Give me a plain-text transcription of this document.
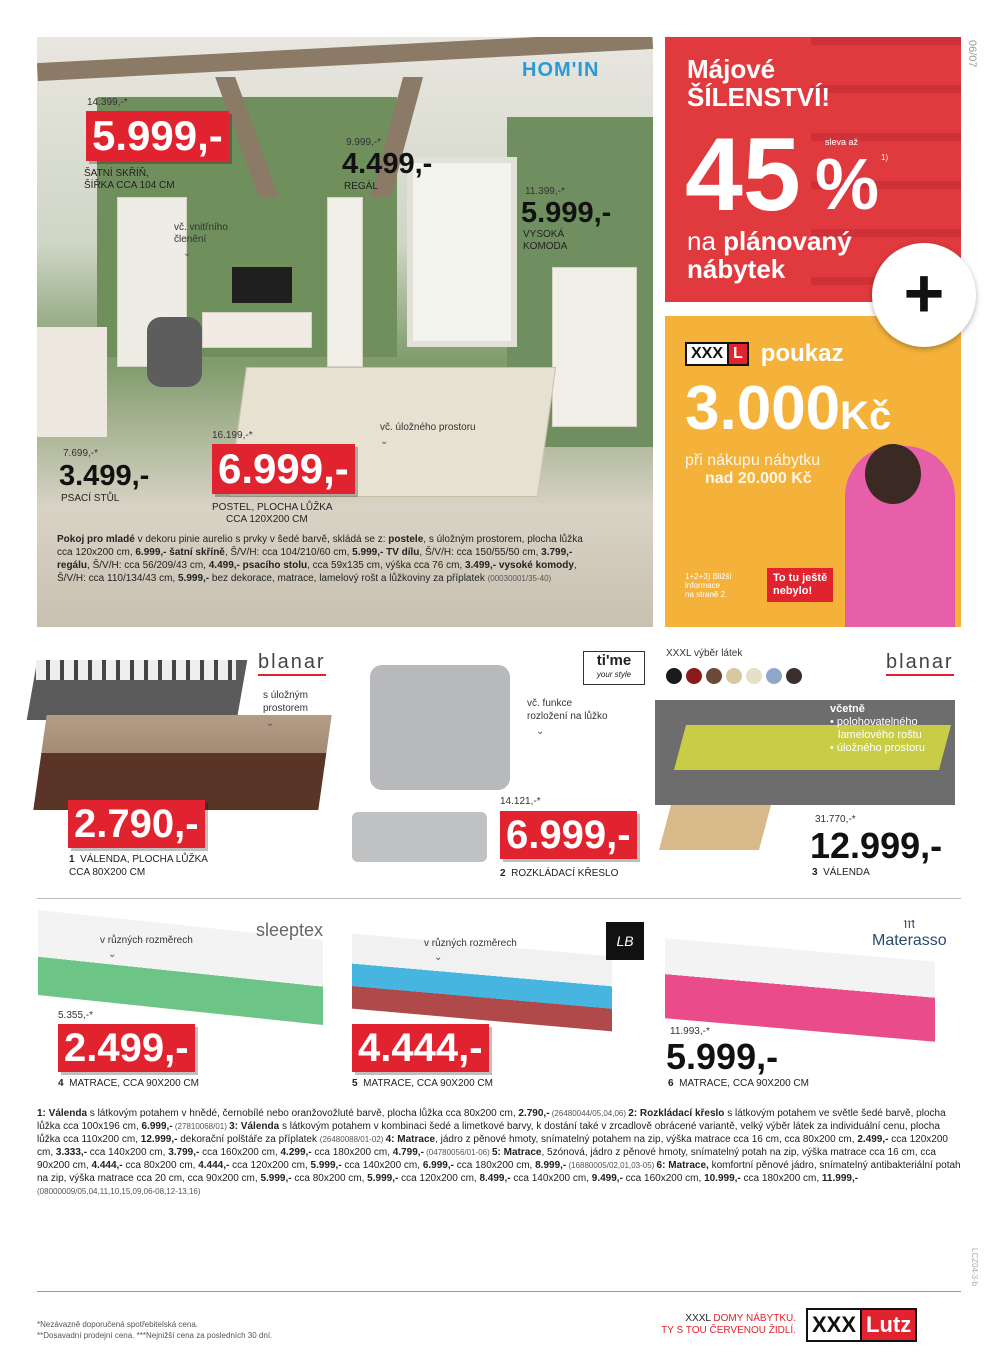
06/07
LCZ04-3-b
HOM'IN
14.399,-*
5.999,-
ŠATNÍ SKŘÍŇ,
ŠÍŘKA CCA 104 CM
vč. vnitřního
členění
⌄
9.999,-*
4.499,-
REGÁL	11.399,-*
5.999,-
VYSOKÁ
KOMODA
7.699,-*
3.499,-
PSACÍ STŮL
vč. úložného prostoru
⌄
16.199,-*
6.999,-
POSTEL, PLOCHA LŮŽKA
CCA 120X200 CM
Pokoj pro mladé v dekoru pinie aurelio s prvky v šedé barvě, skládá se z: postele, s úložným prostorem, plocha lůžka cca 120x200 cm, 6.999,- šatní skříně, Š/V/H: cca 104/210/60 cm, 5.999,- TV dílu, Š/V/H: cca 150/55/50 cm, 3.799,- regálu, Š/V/H: cca 56/209/43 cm, 4.499,- psacího stolu, cca 59x135 cm, výška cca 76 cm, 3.499,- vysoké komody, Š/V/H: cca 110/134/43 cm, 5.999,- bez dekorace, matrace, lamelový rošt a lůžkoviny za příplatek (00030001/35-40)
Májové
ŠÍLENSTVÍ!
sleva až
45 % 1)
na plánovaný
nábytek
XXX L poukaz
3.000Kč
při nákupu nábytku
nad 20.000 Kč
1+2+3) Bližší
informace
na straně 2.
To tu ještě
nebylo!
+
blanar
s úložným
prostorem
⌄
2.790,-
1 VÁLENDA, PLOCHA LŮŽKA
CCA 80X200 CM
ti'me
your style
vč. funkce
rozložení na lůžko
⌄
14.121,-*
6.999,-
2 ROZKLÁDACÍ KŘESLO
XXXL výběr látek	blanar
včetně
• polohovatelného
lamelového roštu
• úložného prostoru
31.770,-*
12.999,-
3 VÁLENDA
sleeptex
v různých rozměrech
⌄
5.355,-*
2.499,-
4 MATRACE, CCA 90X200 CM
LB
v různých rozměrech
⌄
4.444,-
5 MATRACE, CCA 90X200 CM
𝔪
Materasso
11.993,-*
5.999,-
6 MATRACE, CCA 90X200 CM
1: Válenda s látkovým potahem v hnědé, černobílé nebo oranžovožluté barvě, plocha lůžka cca 80x200 cm, 2.790,- (26480044/05,04,06) 2: Rozkládací křeslo s látkovým potahem ve světle šedé barvě, plocha lůžka cca 100x196 cm, 6.999,- (27810068/01) 3: Válenda s látkovým potahem v kombinaci šedé a limetkové barvy, k dostání také v zrcadlově obrácené variantě, velký výběr látek za individuální cenu, plocha lůžka cca 110x200 cm, 12.999,- dekorační polštáře za příplatek (26480088/01-02) 4: Matrace, jádro z pěnové hmoty, snímatelný potahem na zip, výška matrace cca 16 cm, cca 80x200 cm, 2.499,- cca 120x200 cm, 3.333,- cca 140x200 cm, 3.799,- cca 160x200 cm, 4.299,- cca 180x200 cm, 4.799,- (04780056/01-06) 5: Matrace, 5zónová, jádro z pěnové hmoty, snímatelný potah na zip, výška matrace cca 16 cm, cca 90x200 cm, 4.444,- cca 80x200 cm, 4.444,- cca 120x200 cm, 5.999,- cca 140x200 cm, 6.999,- cca 180x200 cm, 8.999,- (16880005/02,01,03-05) 6: Matrace, komfortní pěnové jádro, snímatelný antibakteriální potah na zip, výška matrace cca 20 cm, cca 90x200 cm, 5.999,- cca 80x200 cm, 5.999,- cca 120x200 cm, 8.499,- cca 140x200 cm, 9.499,- cca 160x200 cm, 10.999,- cca 180x200 cm, 11.999,- (08000009/05,04,11,10,15,09,06-08,12-13,16)
*Nezávazně doporučená spotřebitelská cena.
**Dosavadní prodejní cena. ***Nejnižší cena za posledních 30 dní.
XXXL DOMY NÁBYTKU.
TY S TOU ČERVENOU ŽIDLÍ. XXX Lutz
